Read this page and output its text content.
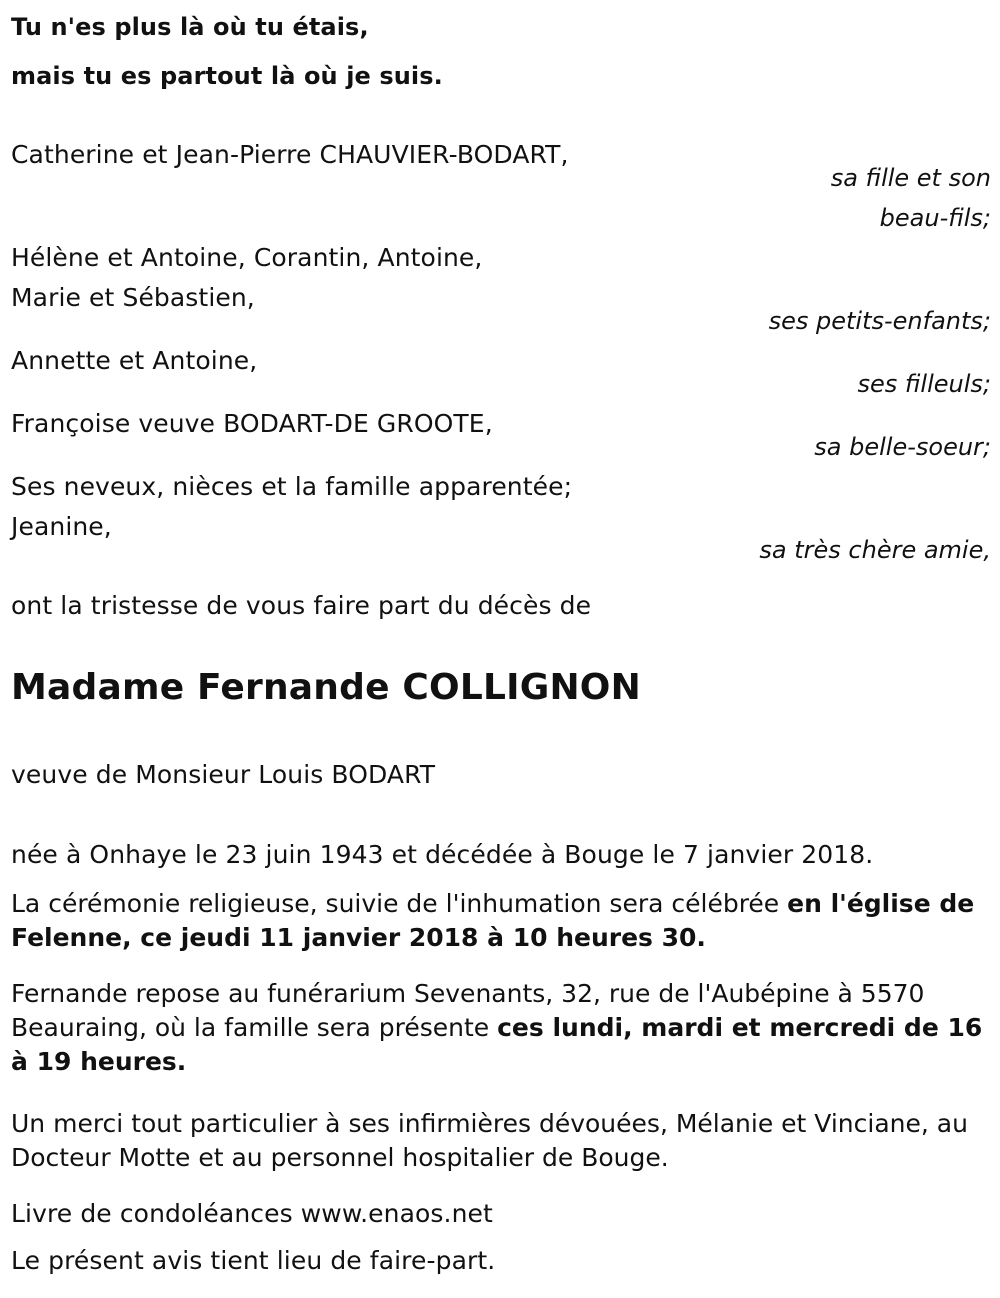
Tu n'es plus là où tu étais,
mais tu es partout là où je suis.
Catherine et Jean-Pierre CHAUVIER-BODART,
sa fille et son
beau-fils;
Hélène et Antoine, Corantin, Antoine,
Marie et Sébastien,
ses petits-enfants;
Annette et Antoine,
ses filleuls;
Françoise veuve BODART-DE GROOTE,
sa belle-soeur;
Ses neveux, nièces et la famille apparentée;
Jeanine,
sa très chère amie,
ont la tristesse de vous faire part du décès de
Madame Fernande COLLIGNON
veuve de Monsieur Louis BODART
née à Onhaye le 23 juin 1943 et décédée à Bouge le 7 janvier 2018.
La cérémonie religieuse, suivie de l'inhumation sera célébrée en l'église de Felenne, ce jeudi 11 janvier 2018 à 10 heures 30.
Fernande repose au funérarium Sevenants, 32, rue de l'Aubépine à 5570 Beauraing, où la famille sera présente ces lundi, mardi et mercredi de 16 à 19 heures.
Un merci tout particulier à ses infirmières dévouées, Mélanie et Vinciane, au Docteur Motte et au personnel hospitalier de Bouge.
Livre de condoléances www.enaos.net
Le présent avis tient lieu de faire-part.
